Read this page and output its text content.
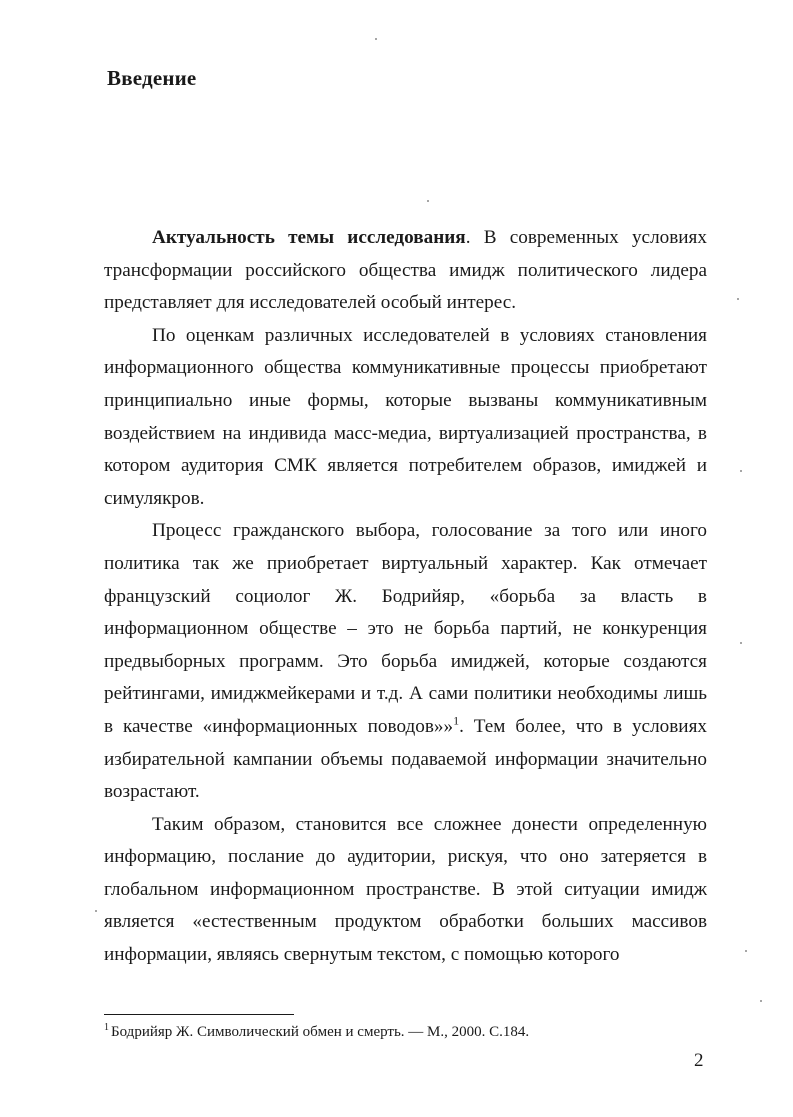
Введение

Актуальность темы исследования. В современных условиях трансформации российского общества имидж политического лидера представляет для исследователей особый интерес.

По оценкам различных исследователей в условиях становления информационного общества коммуникативные процессы приобретают принципиально иные формы, которые вызваны коммуникативным воздействием на индивида масс-медиа, виртуализацией пространства, в котором аудитория СМК является потребителем образов, имиджей и симулякров.

Процесс гражданского выбора, голосование за того или иного политика так же приобретает виртуальный характер. Как отмечает французский социолог Ж. Бодрийяр, «борьба за власть в информационном обществе – это не борьба партий, не конкуренция предвыборных программ. Это борьба имиджей, которые создаются рейтингами, имиджмейкерами и т.д. А сами политики необходимы лишь в качестве «информационных поводов»»$^1$. Тем более, что в условиях избирательной кампании объемы подаваемой информации значительно возрастают.

Таким образом, становится все сложнее донести определенную информацию, послание до аудитории, рискуя, что оно затеряется в глобальном информационном пространстве. В этой ситуации имидж является «естественным продуктом обработки больших массивов информации, являясь свернутым текстом, с помощью которого

$^1$ Бодрийяр Ж. Символический обмен и смерть. — М., 2000. С.184.

2
